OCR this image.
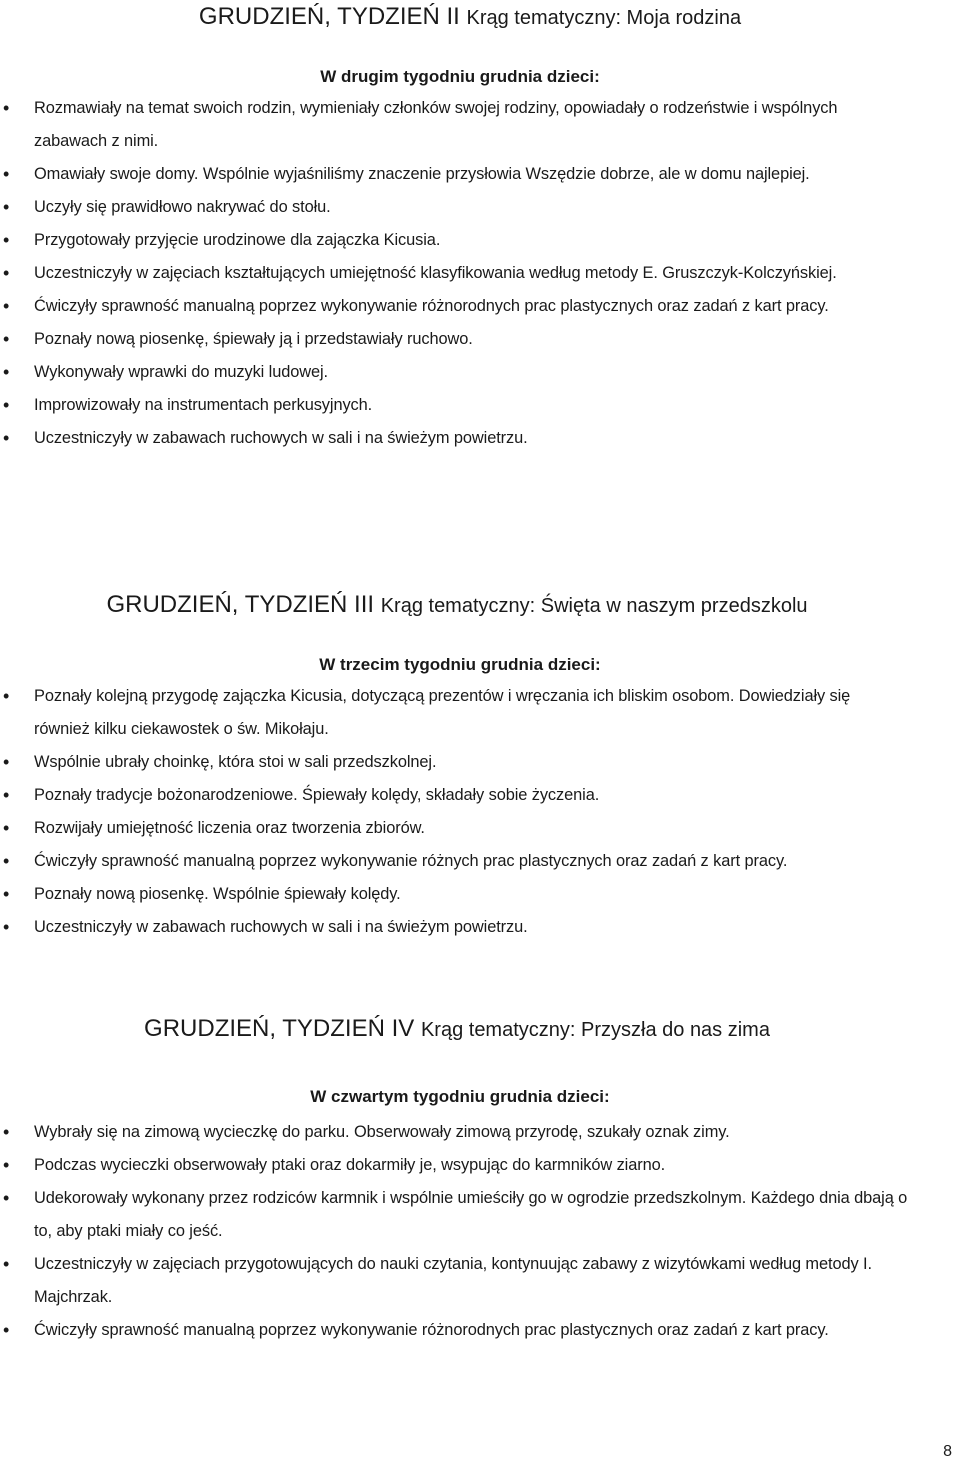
GRUDZIEŃ, TYDZIEŃ II Krąg tematyczny: Moja rodzina
W drugim tygodniu grudnia dzieci:
• Rozmawiały na temat swoich rodzin, wymieniały członków swojej rodziny, opowiadały o rodzeństwie i wspólnych zabawach z nimi.
• Omawiały swoje domy. Wspólnie wyjaśniliśmy znaczenie przysłowia Wszędzie dobrze, ale w domu najlepiej.
• Uczyły się prawidłowo nakrywać do stołu.
• Przygotowały przyjęcie urodzinowe dla zajączka Kicusia.
• Uczestniczyły w zajęciach kształtujących umiejętność klasyfikowania według metody E. Gruszczyk-Kolczyńskiej.
• Ćwiczyły sprawność manualną poprzez wykonywanie różnorodnych prac plastycznych oraz zadań z kart pracy.
• Poznały nową piosenkę, śpiewały ją i przedstawiały ruchowo.
• Wykonywały wprawki do muzyki ludowej.
• Improwizowały na instrumentach perkusyjnych.
• Uczestniczyły w zabawach ruchowych w sali i na świeżym powietrzu.
GRUDZIEŃ, TYDZIEŃ III Krąg tematyczny: Święta w naszym przedszkolu
W trzecim tygodniu grudnia dzieci:
• Poznały kolejną przygodę zajączka Kicusia, dotyczącą prezentów i wręczania ich bliskim osobom. Dowiedziały się również kilku ciekawostek o św. Mikołaju.
• Wspólnie ubrały choinkę, która stoi w sali przedszkolnej.
• Poznały tradycje bożonarodzeniowe. Śpiewały kolędy, składały sobie życzenia.
• Rozwijały umiejętność liczenia oraz tworzenia zbiorów.
• Ćwiczyły sprawność manualną poprzez wykonywanie różnych prac plastycznych oraz zadań z kart pracy.
• Poznały nową piosenkę. Wspólnie śpiewały kolędy.
• Uczestniczyły w zabawach ruchowych w sali i na świeżym powietrzu.
GRUDZIEŃ, TYDZIEŃ IV Krąg tematyczny: Przyszła do nas zima
W czwartym tygodniu grudnia dzieci:
• Wybrały się na zimową wycieczkę do parku. Obserwowały zimową przyrodę, szukały oznak zimy.
• Podczas wycieczki obserwowały ptaki oraz dokarmiły je, wsypując do karmników ziarno.
• Udekorowały wykonany przez rodziców karmnik i wspólnie umieściły go w ogrodzie przedszkolnym. Każdego dnia dbają o to, aby ptaki miały co jeść.
• Uczestniczyły w zajęciach przygotowujących do nauki czytania, kontynuując zabawy z wizytówkami według metody I. Majchrzak.
• Ćwiczyły sprawność manualną poprzez wykonywanie różnorodnych prac plastycznych oraz zadań z kart pracy.
8
